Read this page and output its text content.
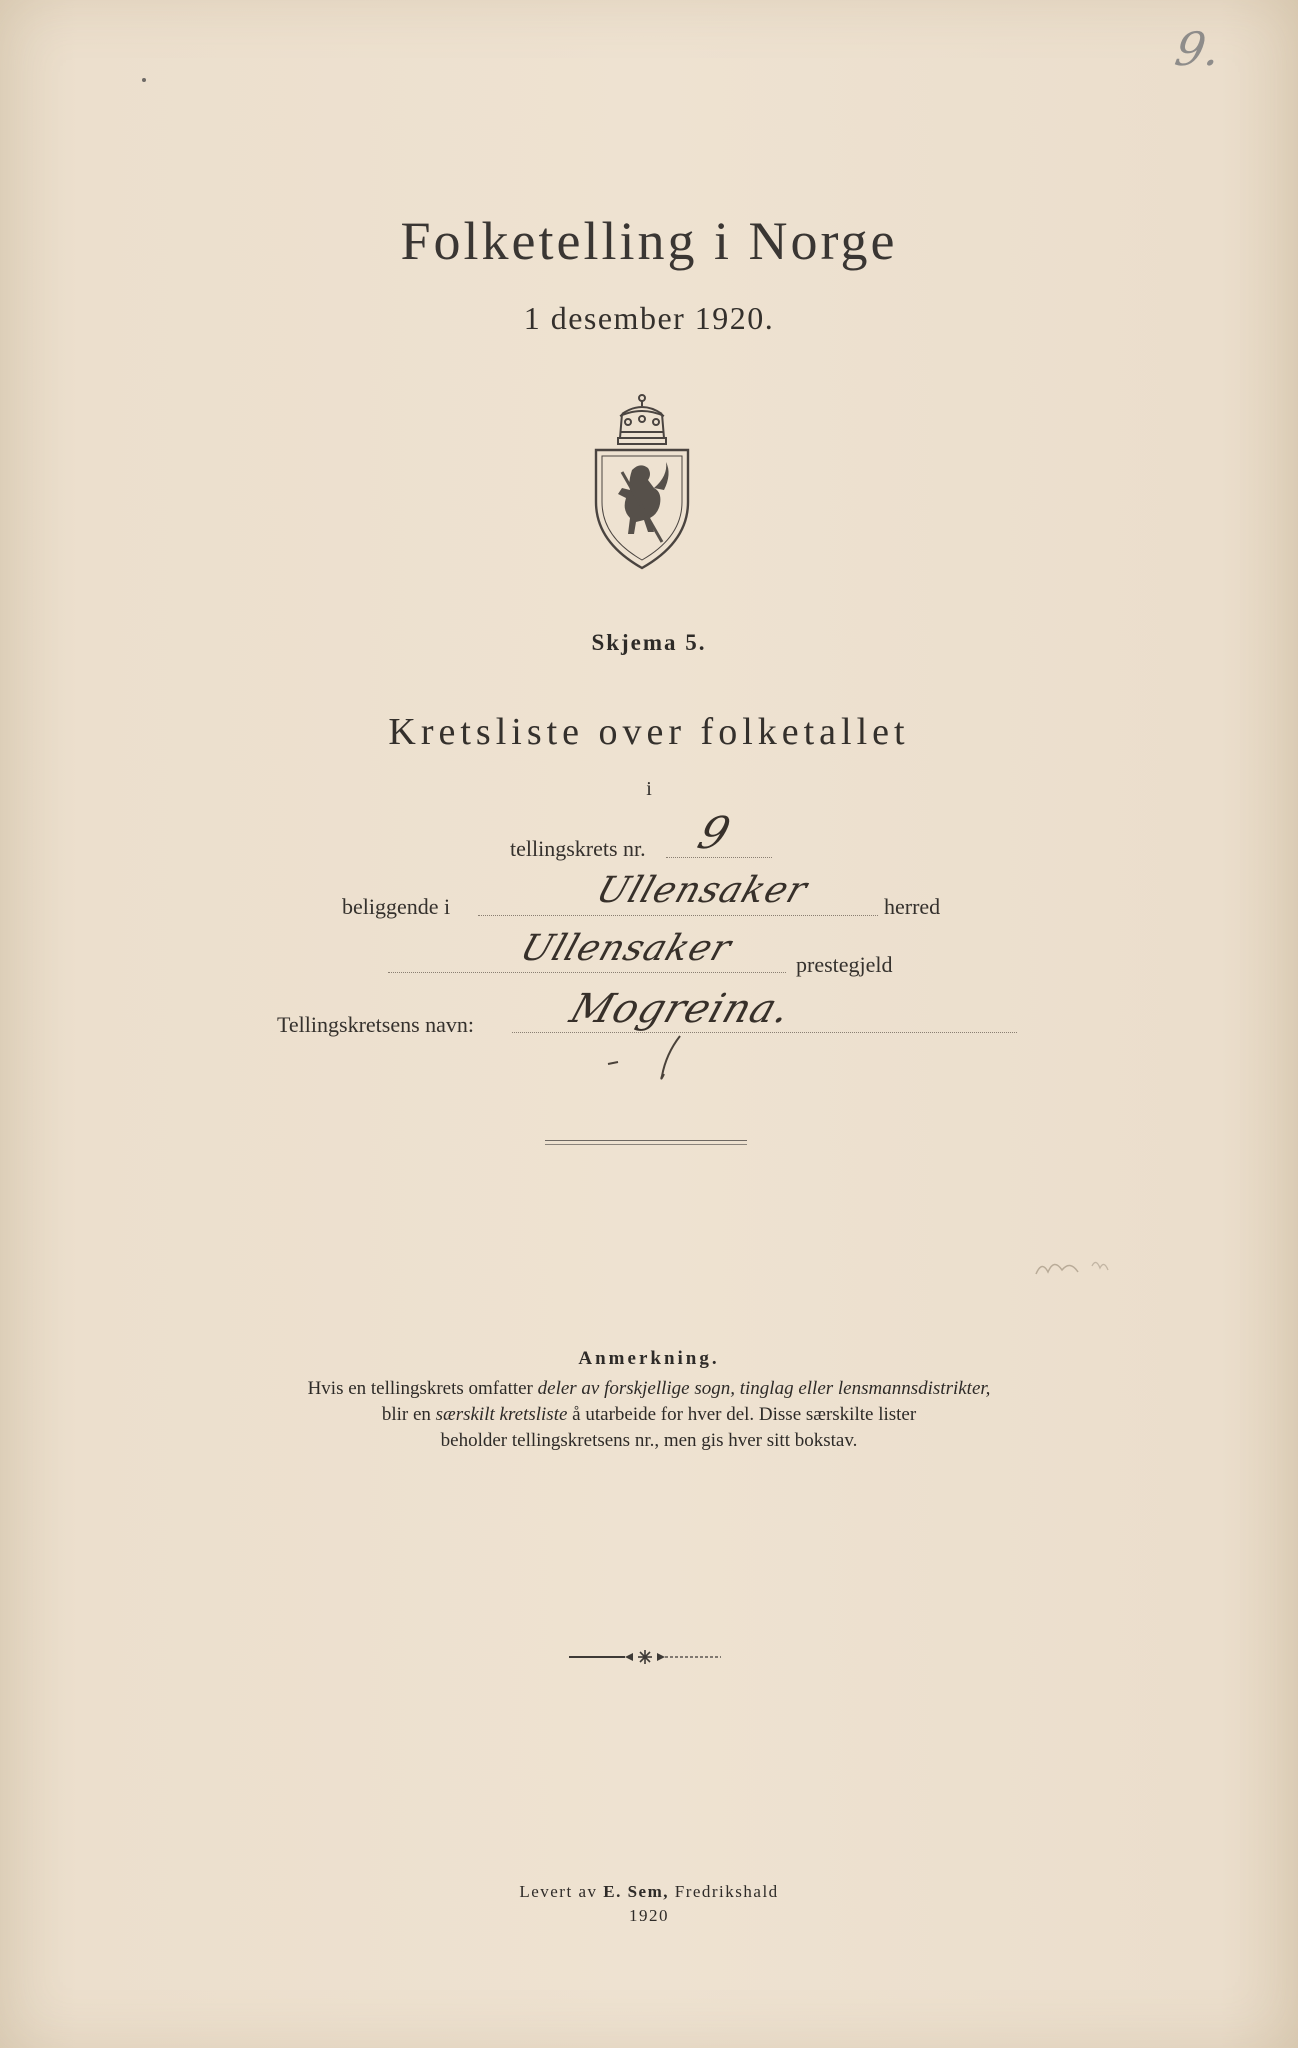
9.
Folketelling i Norge
1 desember 1920.
Skjema 5.
Kretsliste over folketallet
i
tellingskrets nr. 9
beliggende i	Ullensaker	herred
Ullensaker	prestegjeld
Tellingskretsens navn: Mogreina.
Anmerkning.
Hvis en tellingskrets omfatter deler av forskjellige sogn, tinglag eller lensmannsdistrikter,
blir en særskilt kretsliste å utarbeide for hver del. Disse særskilte lister
beholder tellingskretsens nr., men gis hver sitt bokstav.
Levert av E. Sem, Fredrikshald
1920
